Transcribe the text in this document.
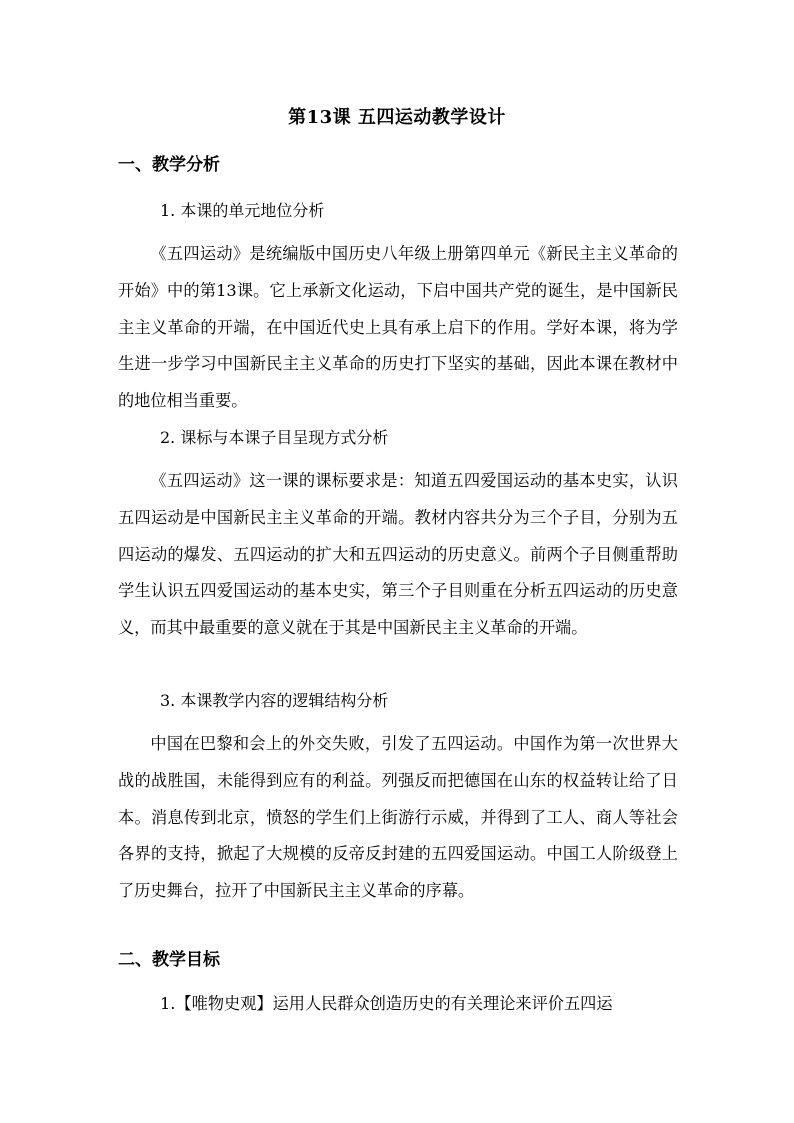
第13课 五四运动教学设计
一、教学分析
1. 本课的单元地位分析

《五四运动》是统编版中国历史八年级上册第四单元《新民主主义革命的开始》中的第13课。它上承新文化运动，下启中国共产党的诞生，是中国新民主主义革命的开端，在中国近代史上具有承上启下的作用。学好本课，将为学生进一步学习中国新民主主义革命的历史打下坚实的基础，因此本课在教材中的地位相当重要。

2. 课标与本课子目呈现方式分析

《五四运动》这一课的课标要求是：知道五四爱国运动的基本史实，认识五四运动是中国新民主主义革命的开端。教材内容共分为三个子目，分别为五四运动的爆发、五四运动的扩大和五四运动的历史意义。前两个子目侧重帮助学生认识五四爱国运动的基本史实，第三个子目则重在分析五四运动的历史意义，而其中最重要的意义就在于其是中国新民主主义革命的开端。

3. 本课教学内容的逻辑结构分析

中国在巴黎和会上的外交失败，引发了五四运动。中国作为第一次世界大战的战胜国，未能得到应有的利益。列强反而把德国在山东的权益转让给了日本。消息传到北京，愤怒的学生们上街游行示威，并得到了工人、商人等社会各界的支持，掀起了大规模的反帝反封建的五四爱国运动。中国工人阶级登上了历史舞台，拉开了中国新民主主义革命的序幕。

二、教学目标
1.【唯物史观】运用人民群众创造历史的有关理论来评价五四运
